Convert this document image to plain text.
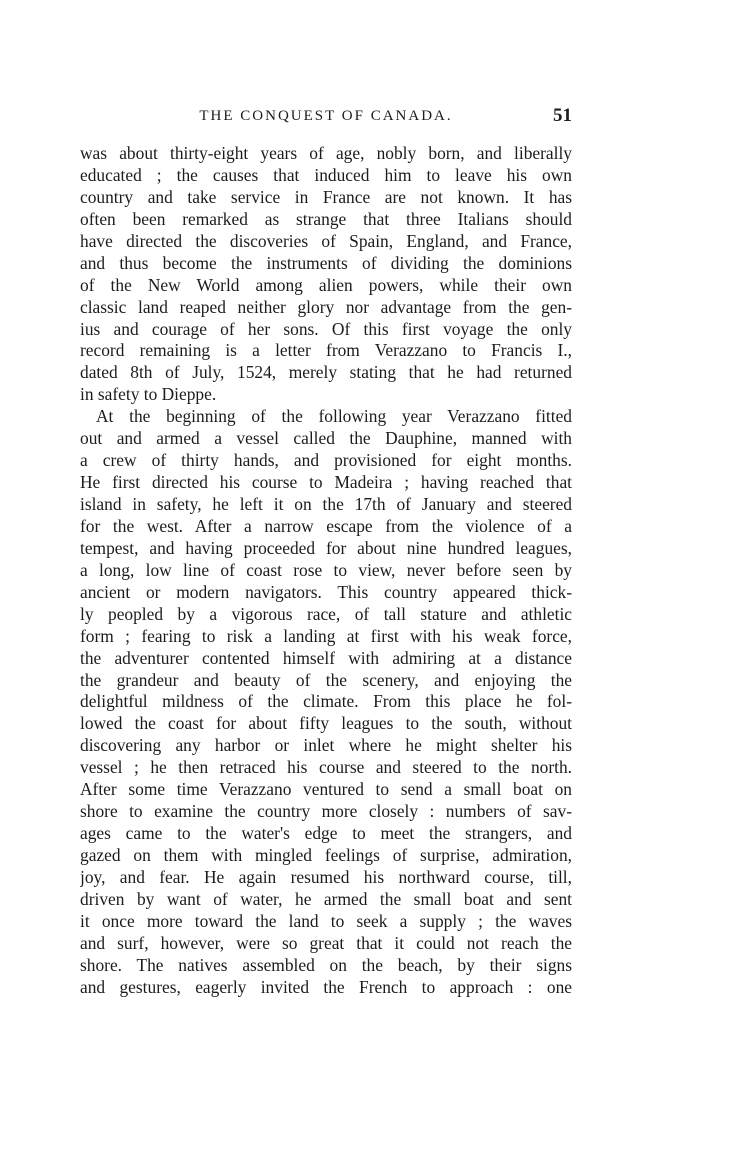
THE CONQUEST OF CANADA.	51
was about thirty-eight years of age, nobly born, and liberally
educated ; the causes that induced him to leave his own
country and take service in France are not known. It has
often been remarked as strange that three Italians should
have directed the discoveries of Spain, England, and France,
and thus become the instruments of dividing the dominions
of the New World among alien powers, while their own
classic land reaped neither glory nor advantage from the gen-
ius and courage of her sons. Of this first voyage the only
record remaining is a letter from Verazzano to Francis I.,
dated 8th of July, 1524, merely stating that he had returned
in safety to Dieppe.
At the beginning of the following year Verazzano fitted
out and armed a vessel called the Dauphine, manned with
a crew of thirty hands, and provisioned for eight months.
He first directed his course to Madeira ; having reached that
island in safety, he left it on the 17th of January and steered
for the west. After a narrow escape from the violence of a
tempest, and having proceeded for about nine hundred leagues,
a long, low line of coast rose to view, never before seen by
ancient or modern navigators. This country appeared thick-
ly peopled by a vigorous race, of tall stature and athletic
form ; fearing to risk a landing at first with his weak force,
the adventurer contented himself with admiring at a distance
the grandeur and beauty of the scenery, and enjoying the
delightful mildness of the climate. From this place he fol-
lowed the coast for about fifty leagues to the south, without
discovering any harbor or inlet where he might shelter his
vessel ; he then retraced his course and steered to the north.
After some time Verazzano ventured to send a small boat on
shore to examine the country more closely : numbers of sav-
ages came to the water's edge to meet the strangers, and
gazed on them with mingled feelings of surprise, admiration,
joy, and fear. He again resumed his northward course, till,
driven by want of water, he armed the small boat and sent
it once more toward the land to seek a supply ; the waves
and surf, however, were so great that it could not reach the
shore. The natives assembled on the beach, by their signs
and gestures, eagerly invited the French to approach : one
